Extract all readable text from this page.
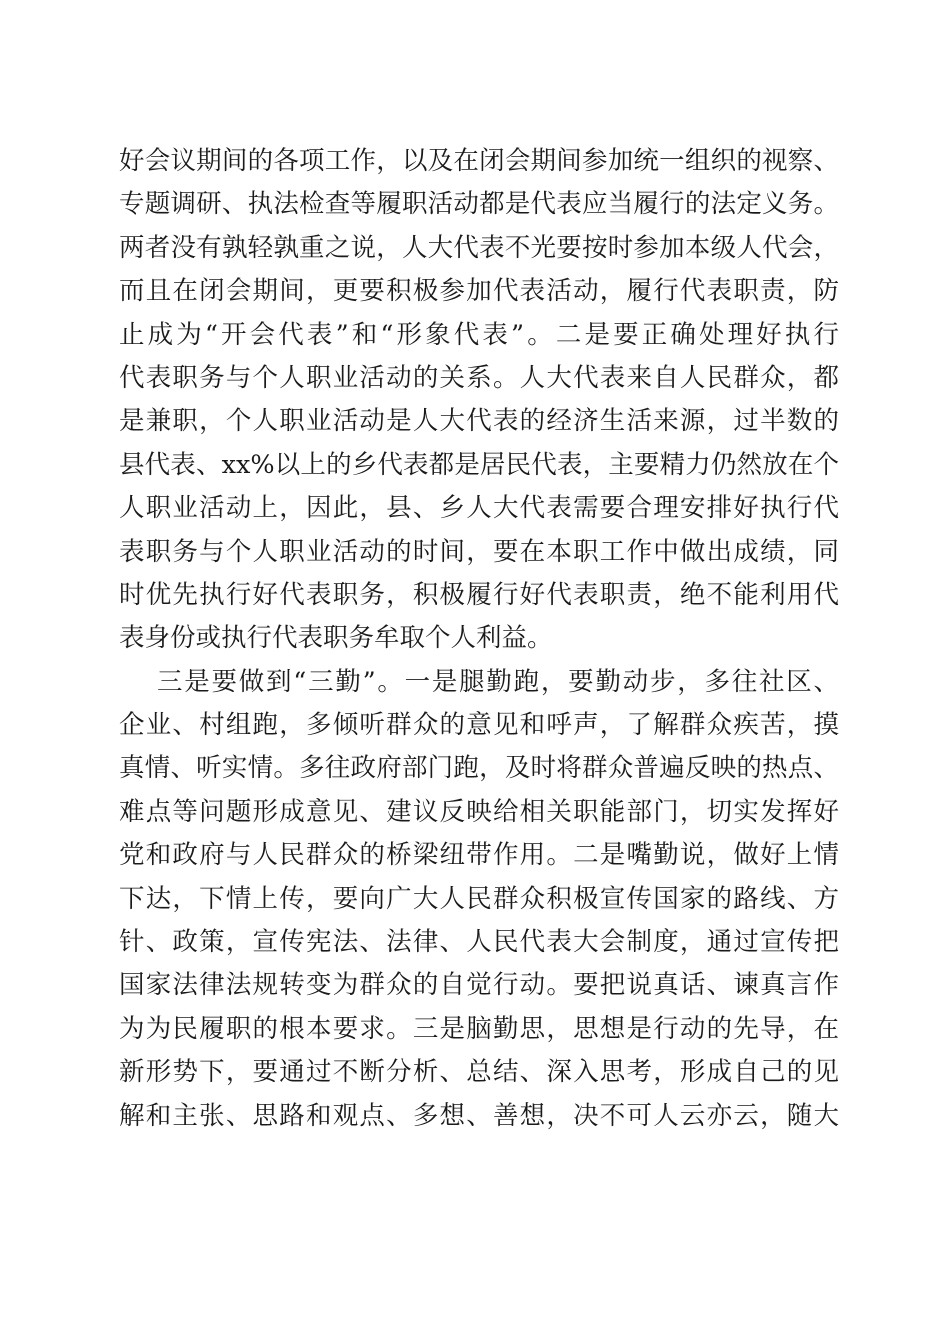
好会议期间的各项工作，以及在闭会期间参加统一组织的视察、
专题调研、执法检查等履职活动都是代表应当履行的法定义务。
两者没有孰轻孰重之说，人大代表不光要按时参加本级人代会，
而且在闭会期间，更要积极参加代表活动，履行代表职责，防
止成为“开会代表”和“形象代表”。二是要正确处理好执行
代表职务与个人职业活动的关系。人大代表来自人民群众，都
是兼职，个人职业活动是人大代表的经济生活来源，过半数的
县代表、xx%以上的乡代表都是居民代表，主要精力仍然放在个
人职业活动上，因此，县、乡人大代表需要合理安排好执行代
表职务与个人职业活动的时间，要在本职工作中做出成绩，同
时优先执行好代表职务，积极履行好代表职责，绝不能利用代
表身份或执行代表职务牟取个人利益。
三是要做到“三勤”。一是腿勤跑，要勤动步，多往社区、
企业、村组跑，多倾听群众的意见和呼声，了解群众疾苦，摸
真情、听实情。多往政府部门跑，及时将群众普遍反映的热点、
难点等问题形成意见、建议反映给相关职能部门，切实发挥好
党和政府与人民群众的桥梁纽带作用。二是嘴勤说，做好上情
下达，下情上传，要向广大人民群众积极宣传国家的路线、方
针、政策，宣传宪法、法律、人民代表大会制度，通过宣传把
国家法律法规转变为群众的自觉行动。要把说真话、谏真言作
为为民履职的根本要求。三是脑勤思，思想是行动的先导，在
新形势下，要通过不断分析、总结、深入思考，形成自己的见
解和主张、思路和观点、多想、善想，决不可人云亦云，随大
